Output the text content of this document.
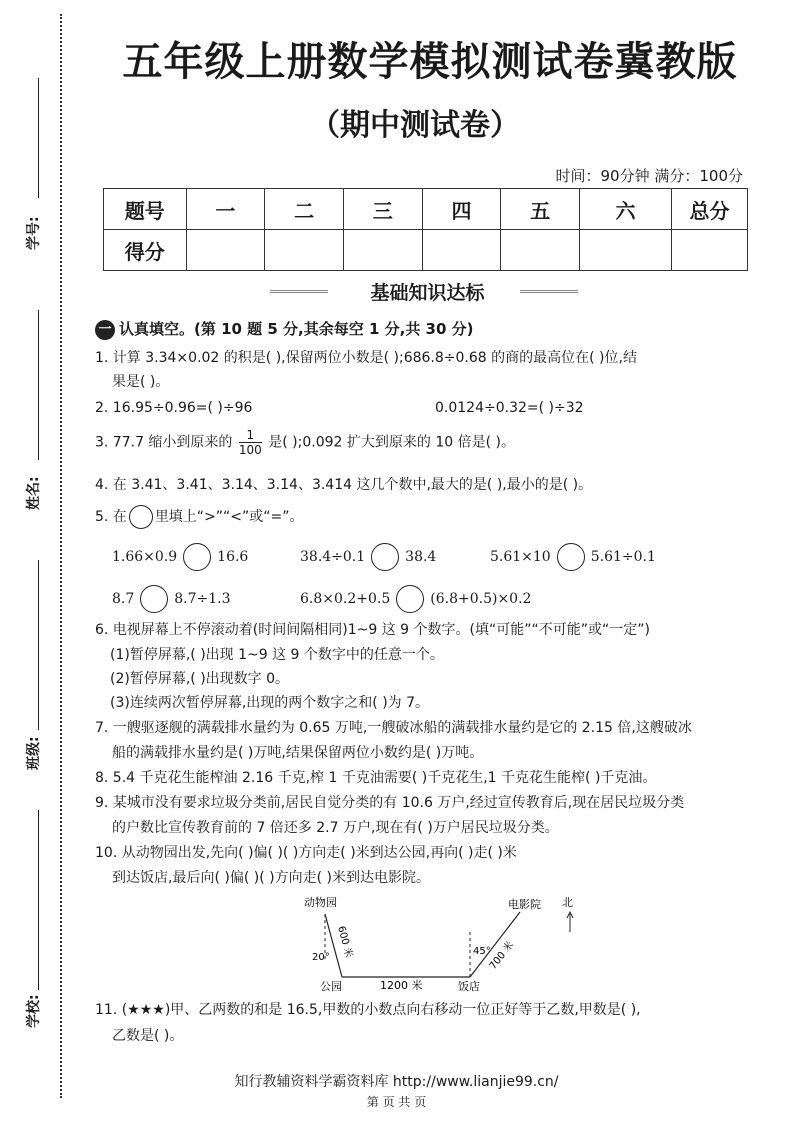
学号:
姓名:
班级:
学校:
五年级上册数学模拟测试卷冀教版
（期中测试卷）
时间：90分钟 满分：100分
题号	一	二	三	四	五	六	总分
得分							
基础知识达标
一 认真填空。(第 10 题 5 分,其余每空 1 分,共 30 分)
1. 计算 3.34×0.02 的积是( ),保留两位小数是( );686.8÷0.68 的商的最高位在( )位,结
果是( )。
2. 16.95÷0.96=( )÷96	0.0124÷0.32=( )÷32
3. 77.7 缩小到原来的 $\frac{1}{100}$ 是( );0.092 扩大到原来的 10 倍是( )。
4. 在 3.41、3.41̇、3.14、3.1̇4̇、3.41̇4̇ 这几个数中,最大的是( ),最小的是( )。
5. 在 里填上“>”“<”或“=”。
1.66×0.9	16.6	38.4÷0.1	38.4	5.61×10	5.61÷0.1
8.7	8.7÷1.3	6.8×0.2+0.5	(6.8+0.5)×0.2
6. 电视屏幕上不停滚动着(时间间隔相同)1~9 这 9 个数字。(填“可能”“不可能”或“一定”)
(1)暂停屏幕,( )出现 1~9 这 9 个数字中的任意一个。
(2)暂停屏幕,( )出现数字 0。
(3)连续两次暂停屏幕,出现的两个数字之和( )为 7。
7. 一艘驱逐舰的满载排水量约为 0.65 万吨,一艘破冰船的满载排水量约是它的 2.15 倍,这艘破冰
船的满载排水量约是( )万吨,结果保留两位小数约是( )万吨。
8. 5.4 千克花生能榨油 2.16 千克,榨 1 千克油需要( )千克花生,1 千克花生能榨( )千克油。
9. 某城市没有要求垃圾分类前,居民自觉分类的有 10.6 万户,经过宣传教育后,现在居民垃圾分类
的户数比宣传教育前的 7 倍还多 2.7 万户,现在有( )万户居民垃圾分类。
10. 从动物园出发,先向( )偏( )( )方向走( )米到达公园,再向( )走( )米
到达饭店,最后向( )偏( )( )方向走( )米到达电影院。
动物园	电影院 北
公园	饭店
1200 米
600 米	700 米
20°
45°
11. (★★★)甲、乙两数的和是 16.5,甲数的小数点向右移动一位正好等于乙数,甲数是( ),
乙数是( )。
知行教辅资料学霸资料库 http://www.lianjie99.cn/
第 页 共 页
